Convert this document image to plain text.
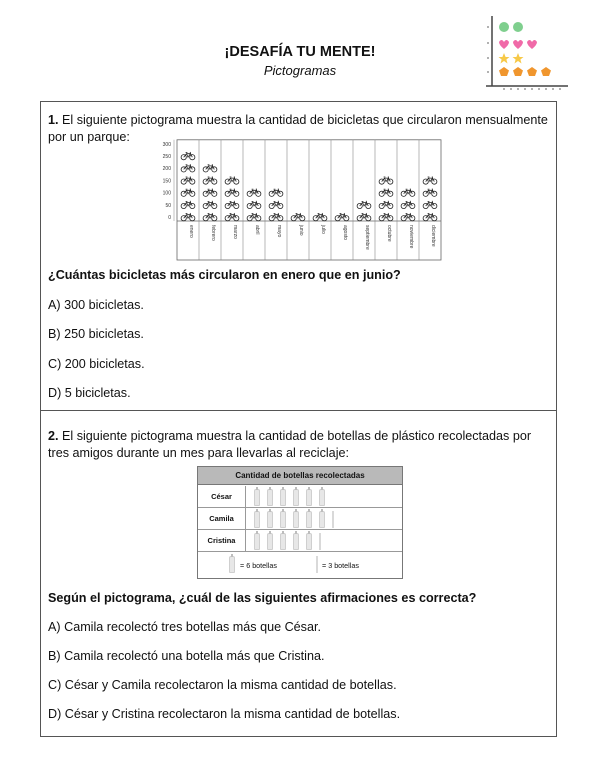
¡DESAFÍA TU MENTE!
Pictogramas
1. El siguiente pictograma muestra la cantidad de bicicletas que circularon mensualmente por un parque:
0
50
100
150
200
250
300
enero	febrero	marzo	abril	mayo	junio	julio	agosto	septiembre	octubre	noviembre	diciembre
¿Cuántas bicicletas más circularon en enero que en junio?
A) 300 bicicletas.
B) 250 bicicletas.
C) 200 bicicletas.
D) 5 bicicletas.
2. El siguiente pictograma muestra la cantidad de botellas de plástico recolectadas por tres amigos durante un mes para llevarlas al reciclaje:
Cantidad de botellas recolectadas
César
Camila
Cristina
= 6 botellas	= 3 botellas
Según el pictograma, ¿cuál de las siguientes afirmaciones es correcta?
A) Camila recolectó tres botellas más que César.
B) Camila recolectó una botella más que Cristina.
C) César y Camila recolectaron la misma cantidad de botellas.
D) César y Cristina recolectaron la misma cantidad de botellas.
